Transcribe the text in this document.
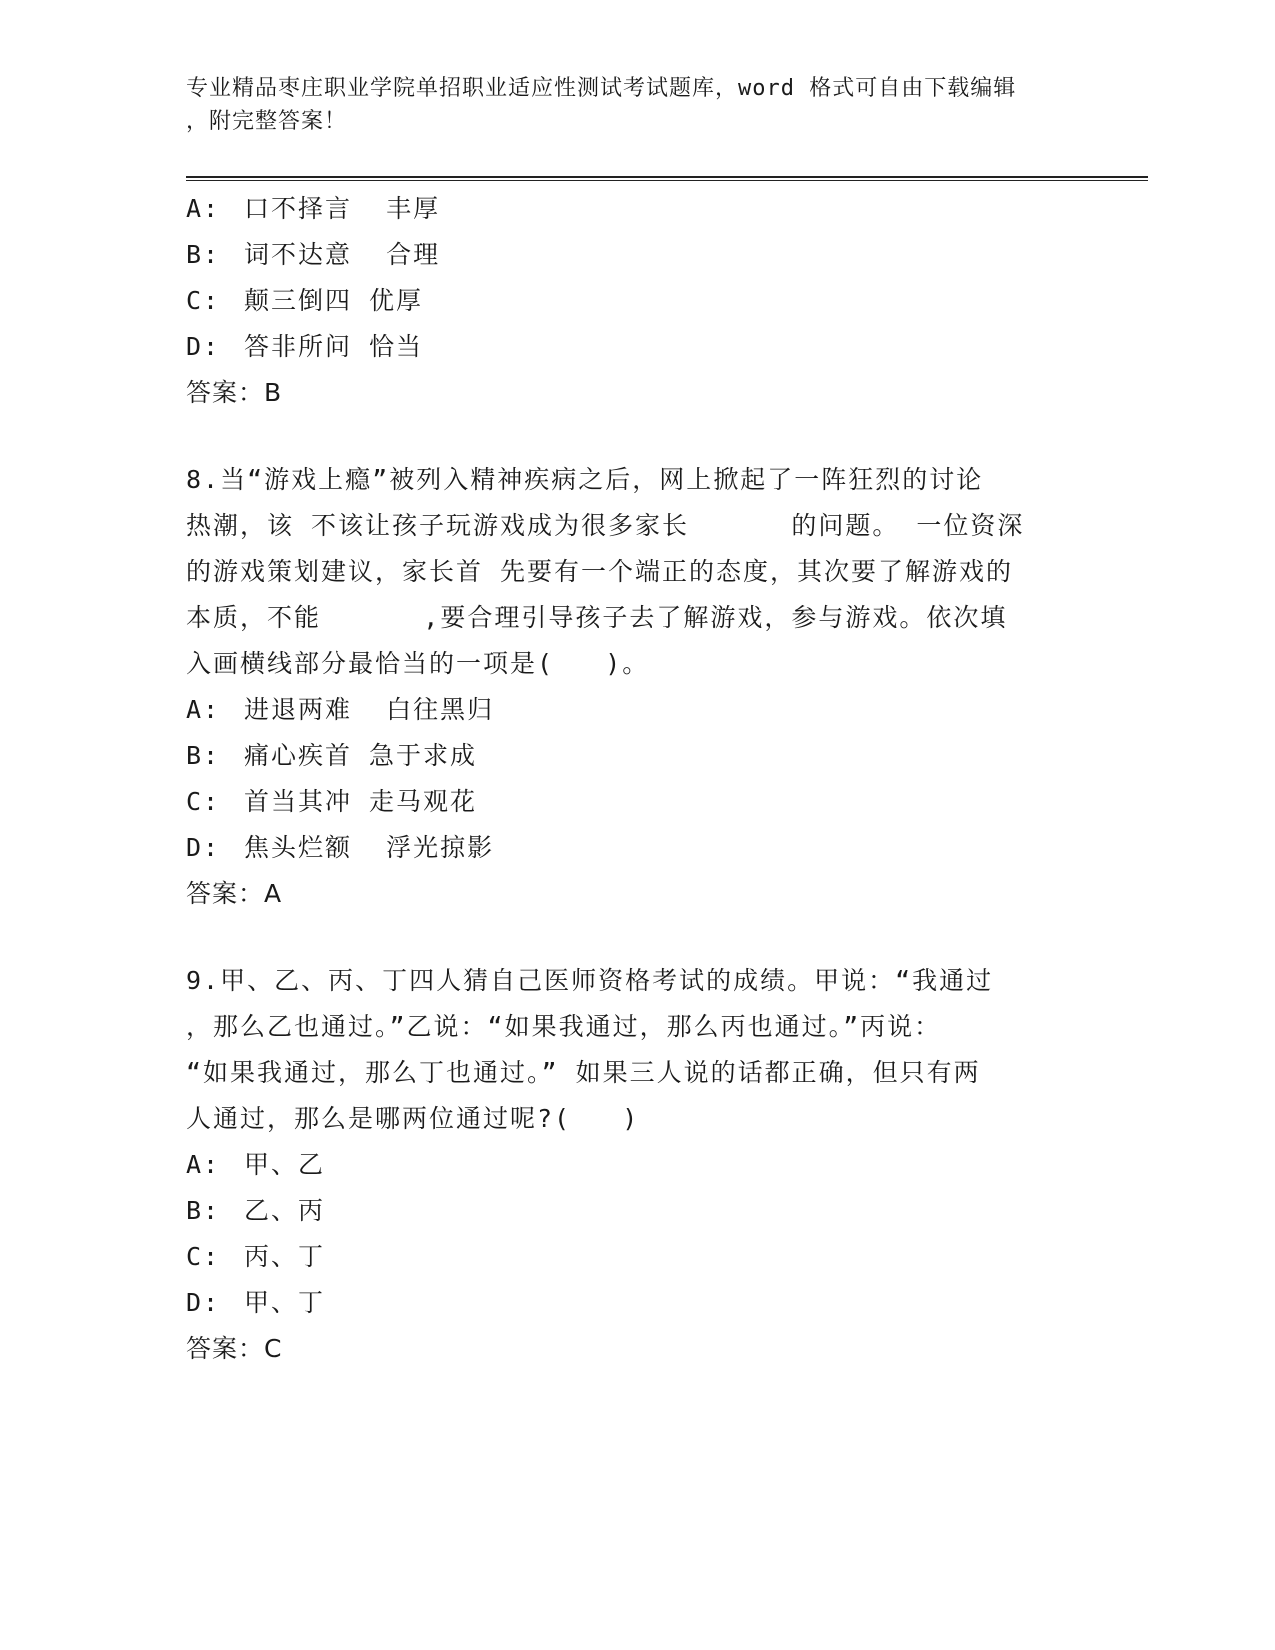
专业精品枣庄职业学院单招职业适应性测试考试题库，word 格式可自由下载编辑
，附完整答案！
A: 口不择言  丰厚
B: 词不达意  合理
C: 颠三倒四 优厚
D: 答非所问 恰当

答案：B

8.当“游戏上瘾”被列入精神疾病之后，网上掀起了一阵狂烈的讨论

热潮，该 不该让孩子玩游戏成为很多家长      的问题。 一位资深

的游戏策划建议，家长首 先要有一个端正的态度，其次要了解游戏的

本质，不能      ,要合理引导孩子去了解游戏，参与游戏。依次填

入画横线部分最恰当的一项是(   )。

A: 进退两难  白往黑归
B: 痛心疾首 急于求成
C: 首当其冲 走马观花
D: 焦头烂额  浮光掠影

答案：A

9.甲、乙、丙、丁四人猜自己医师资格考试的成绩。甲说：“我通过

，那么乙也通过。”乙说：“如果我通过，那么丙也通过。”丙说：

“如果我通过，那么丁也通过。” 如果三人说的话都正确，但只有两

人通过，那么是哪两位通过呢?(   )

A: 甲、乙
B: 乙、丙
C: 丙、丁
D: 甲、丁

答案：C
